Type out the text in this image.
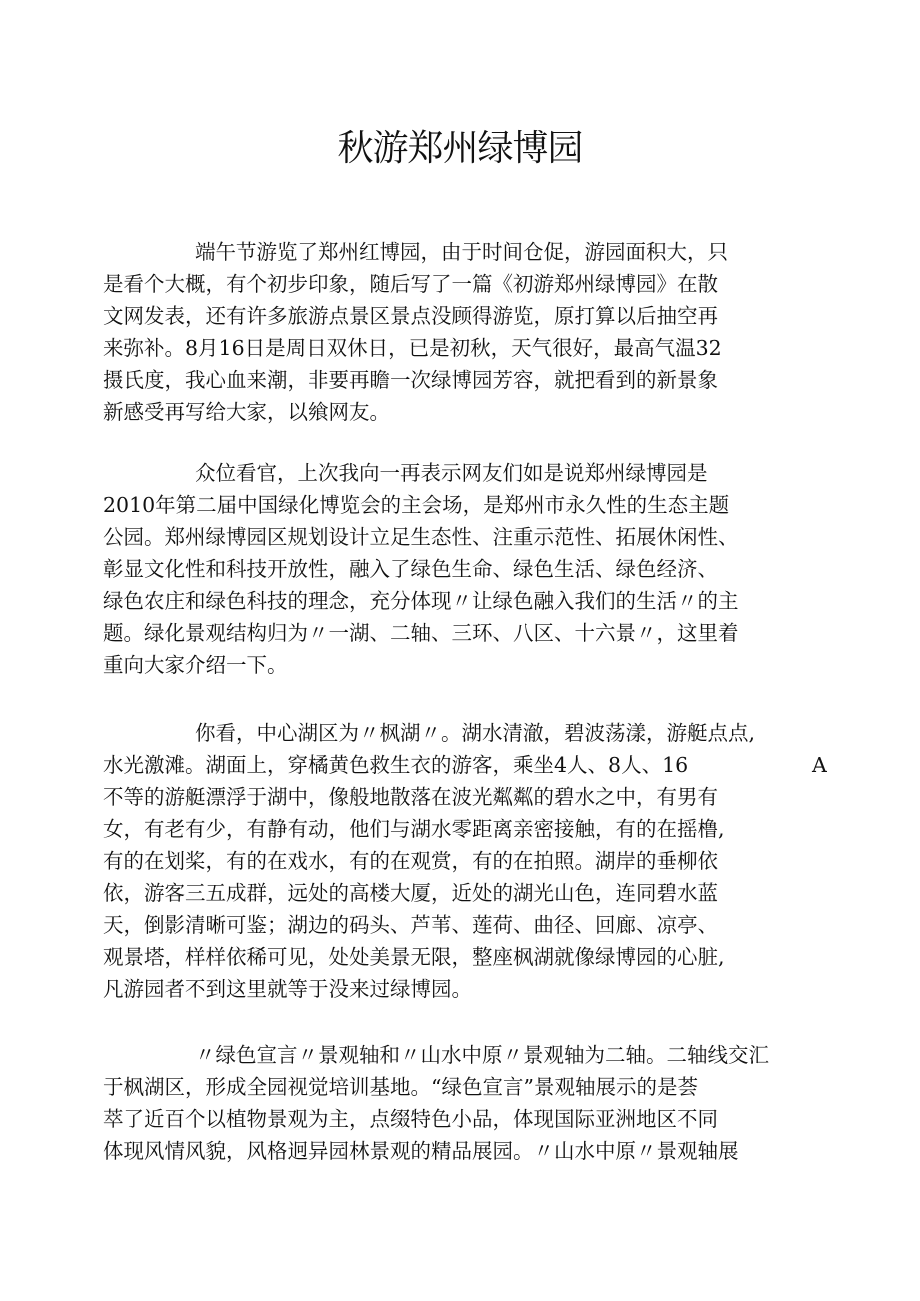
秋游郑州绿博园
端午节游览了郑州红博园，由于时间仓促，游园面积大，只
是看个大概，有个初步印象，随后写了一篇《初游郑州绿博园》在散
文网发表，还有许多旅游点景区景点没顾得游览，原打算以后抽空再
来弥补。8月16日是周日双休日，已是初秋，天气很好，最高气温32
摄氏度，我心血来潮，非要再瞻一次绿博园芳容，就把看到的新景象
新感受再写给大家，以飨网友。
众位看官，上次我向一再表示网友们如是说郑州绿博园是
2010年第二届中国绿化博览会的主会场，是郑州市永久性的生态主题
公园。郑州绿博园区规划设计立足生态性、注重示范性、拓展休闲性、
彰显文化性和科技开放性，融入了绿色生命、绿色生活、绿色经济、
绿色农庄和绿色科技的理念，充分体现〃让绿色融入我们的生活〃的主
题。绿化景观结构归为〃一湖、二轴、三环、八区、十六景〃，这里着
重向大家介绍一下。
你看，中心湖区为〃枫湖〃。湖水清澈，碧波荡漾，游艇点点,
水光激滩。湖面上，穿橘黄色救生衣的游客，乘坐4人、8人、16	A
不等的游艇漂浮于湖中，像般地散落在波光粼粼的碧水之中，有男有
女，有老有少，有静有动，他们与湖水零距离亲密接触，有的在摇橹,
有的在划桨，有的在戏水，有的在观赏，有的在拍照。湖岸的垂柳依
依，游客三五成群，远处的高楼大厦，近处的湖光山色，连同碧水蓝
天，倒影清晰可鉴；湖边的码头、芦苇、莲荷、曲径、回廊、凉亭、
观景塔，样样依稀可见，处处美景无限，整座枫湖就像绿博园的心脏,
凡游园者不到这里就等于没来过绿博园。
〃绿色宣言〃景观轴和〃山水中原〃景观轴为二轴。二轴线交汇
于枫湖区，形成全园视觉培训基地。“绿色宣言”景观轴展示的是荟
萃了近百个以植物景观为主，点缀特色小品，体现国际亚洲地区不同
体现风情风貌，风格迥异园林景观的精品展园。〃山水中原〃景观轴展
